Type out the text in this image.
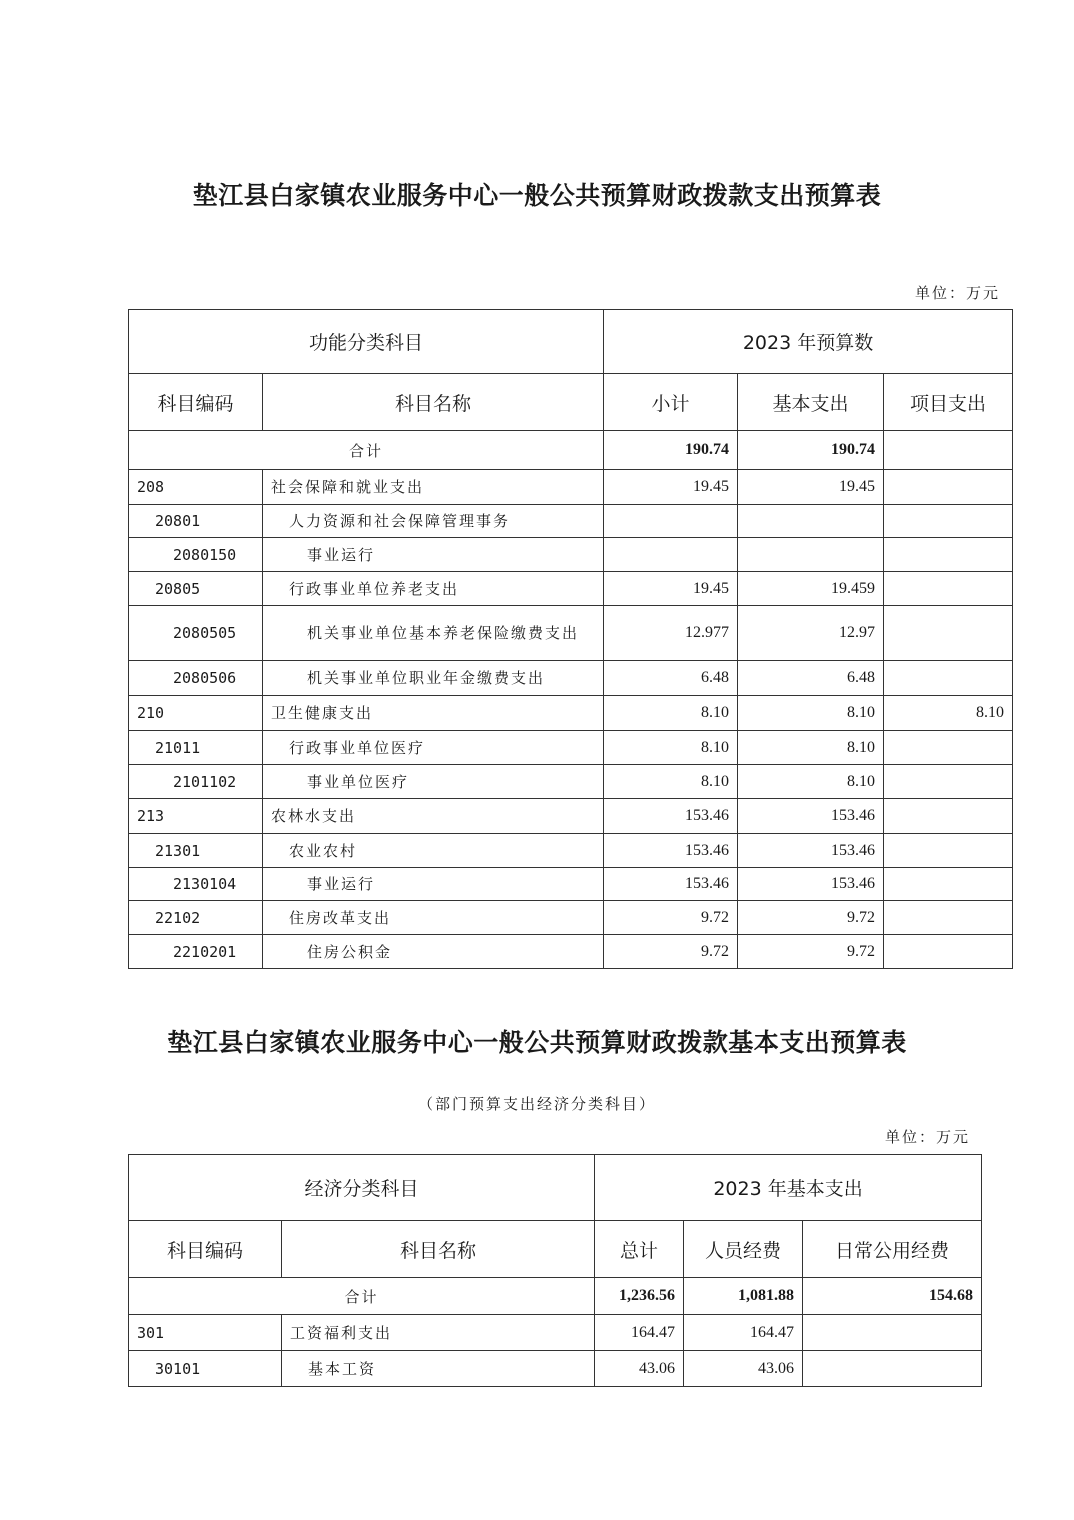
垫江县白家镇农业服务中心一般公共预算财政拨款支出预算表
单位：万元
功能分类科目		2023 年预算数		
科目编码	科目名称	小计	基本支出	项目支出
合计		190.74	190.74	
208	社会保障和就业支出	19.45	19.45	
20801	人力资源和社会保障管理事务			
2080150	事业运行			
20805	行政事业单位养老支出	19.45	19.459	
2080505	机关事业单位基本养老保险缴费支出	12.977	12.97	
2080506	机关事业单位职业年金缴费支出	6.48	6.48	
210	卫生健康支出	8.10	8.10	8.10
21011	行政事业单位医疗	8.10	8.10	
2101102	事业单位医疗	8.10	8.10	
213	农林水支出	153.46	153.46	
21301	农业农村	153.46	153.46	
2130104	事业运行	153.46	153.46	
22102	住房改革支出	9.72	9.72	
2210201	住房公积金	9.72	9.72	
垫江县白家镇农业服务中心一般公共预算财政拨款基本支出预算表
（部门预算支出经济分类科目）
单位：万元
经济分类科目		2023 年基本支出		
科目编码	科目名称	总计	人员经费	日常公用经费
合计		1,236.56	1,081.88	154.68
301	工资福利支出	164.47	164.47	
30101	基本工资	43.06	43.06	
